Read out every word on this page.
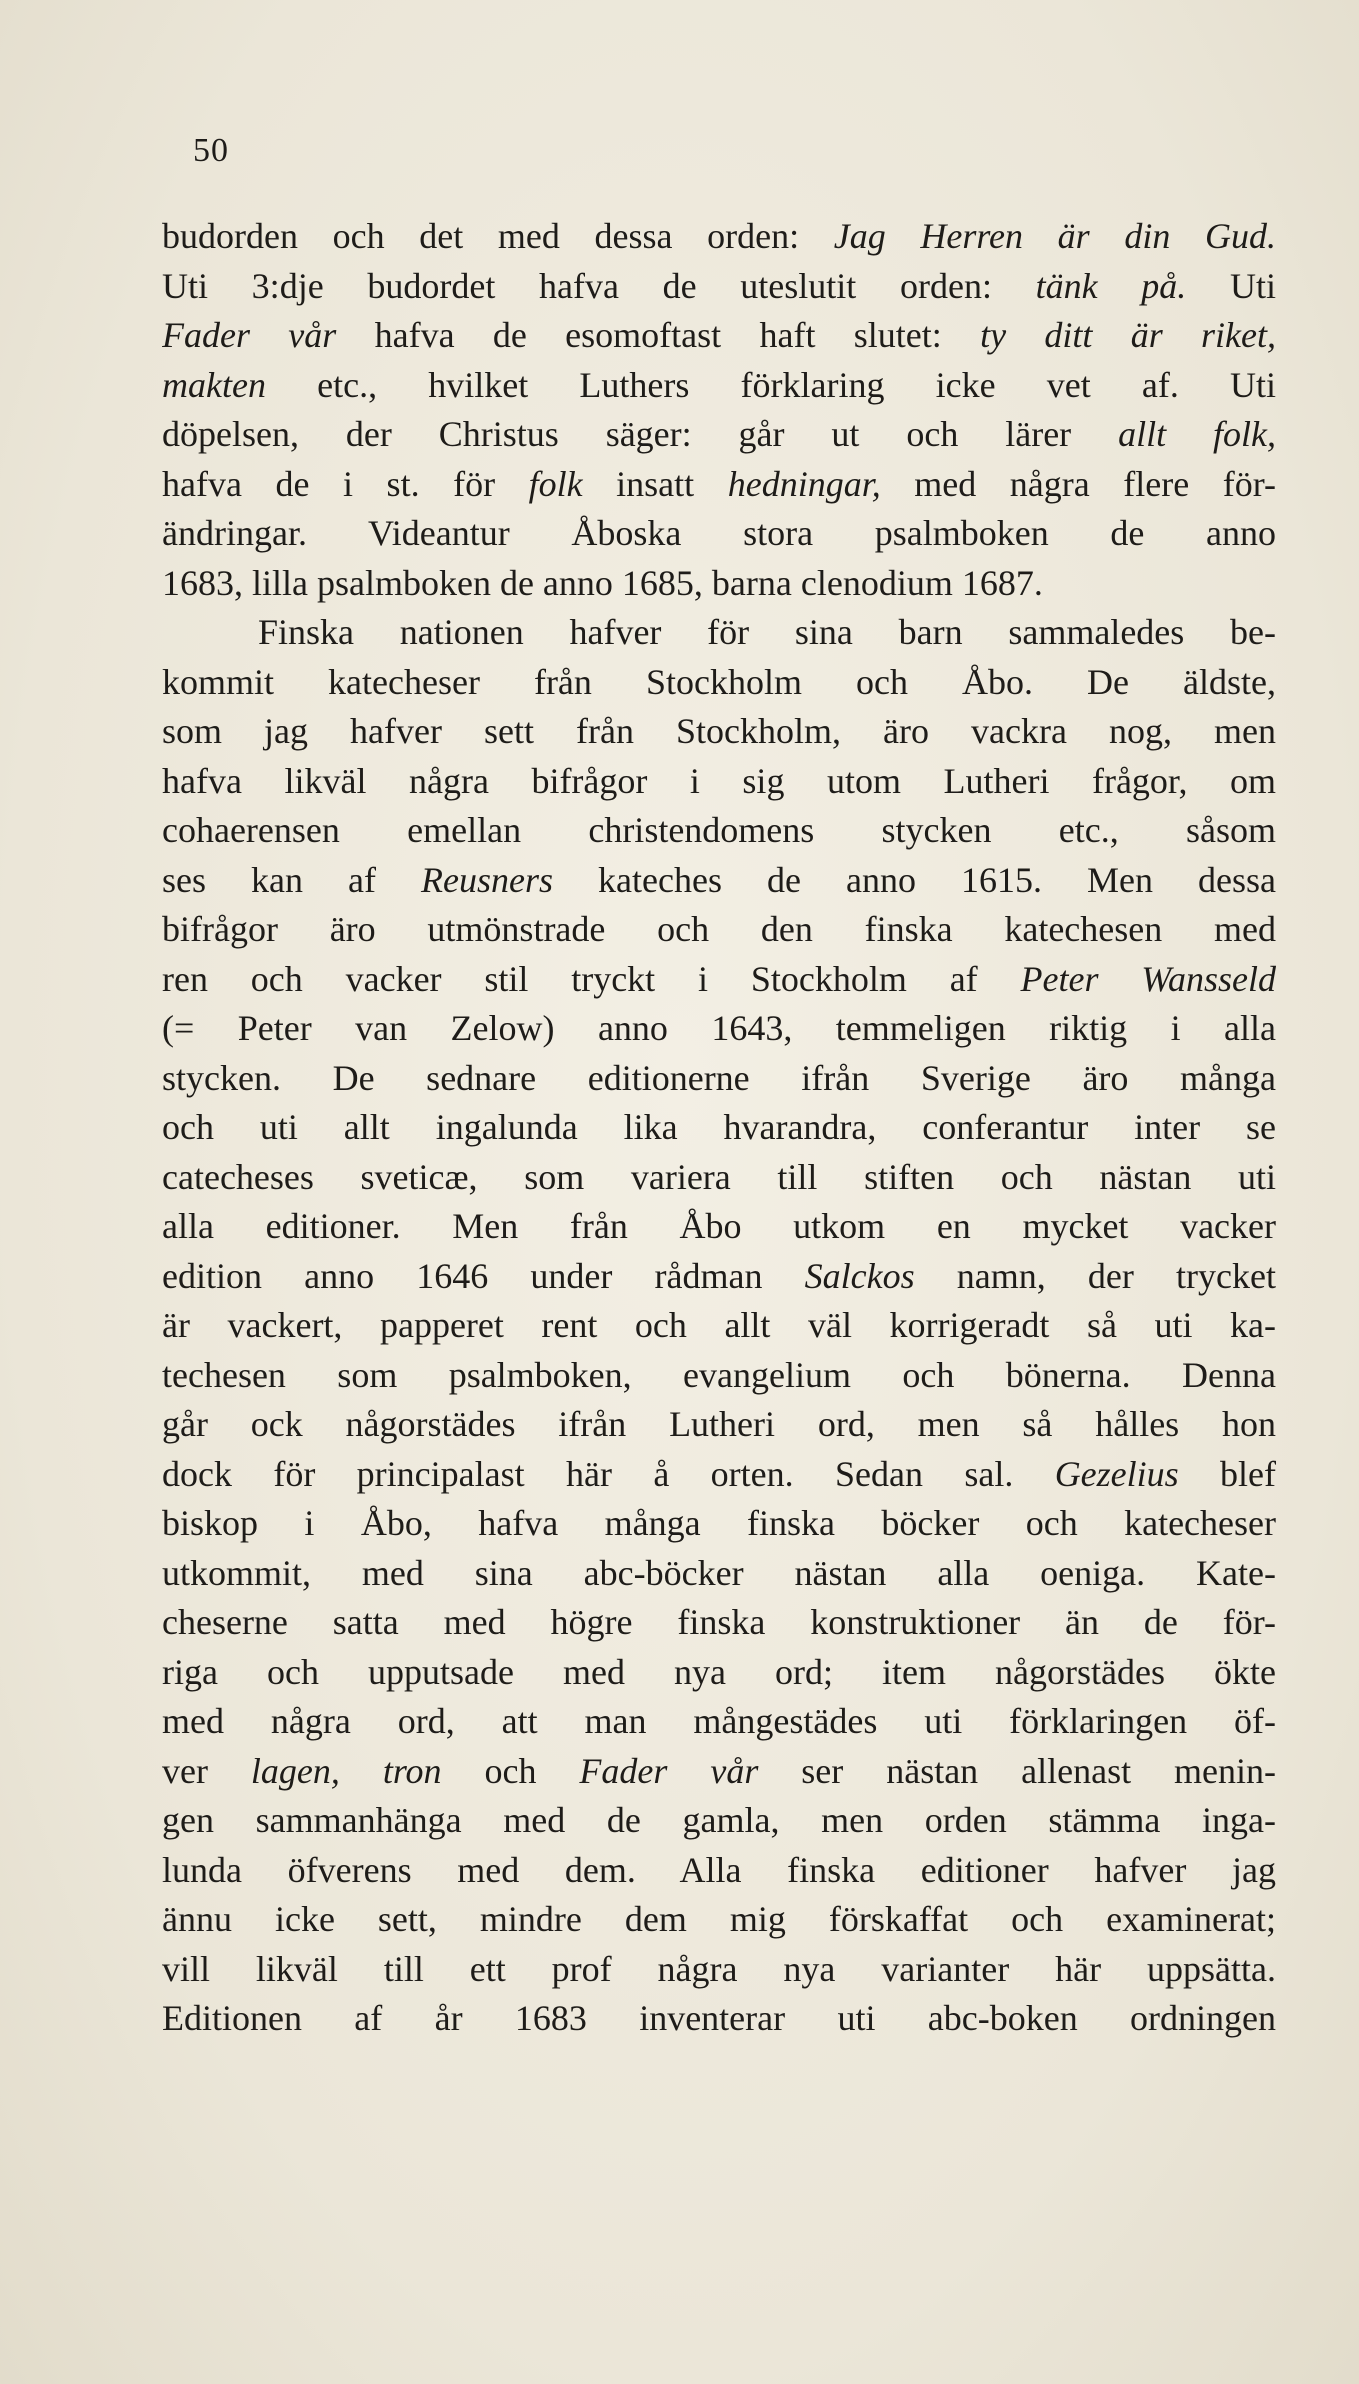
50
budorden och det med dessa orden: Jag Herren är din Gud.
Uti 3:dje budordet hafva de uteslutit orden: tänk på. Uti
Fader vår hafva de esomoftast haft slutet: ty ditt är riket,
makten etc., hvilket Luthers förklaring icke vet af. Uti
döpelsen, der Christus säger: går ut och lärer allt folk,
hafva de i st. för folk insatt hedningar, med några flere för-
ändringar. Videantur Åboska stora psalmboken de anno
1683, lilla psalmboken de anno 1685, barna clenodium 1687.
Finska nationen hafver för sina barn sammaledes be-
kommit katecheser från Stockholm och Åbo. De äldste,
som jag hafver sett från Stockholm, äro vackra nog, men
hafva likväl några bifrågor i sig utom Lutheri frågor, om
cohaerensen emellan christendomens stycken etc., såsom
ses kan af Reusners kateches de anno 1615. Men dessa
bifrågor äro utmönstrade och den finska katechesen med
ren och vacker stil tryckt i Stockholm af Peter Wansseld
(= Peter van Zelow) anno 1643, temmeligen riktig i alla
stycken. De sednare editionerne ifrån Sverige äro många
och uti allt ingalunda lika hvarandra, conferantur inter se
catecheses sveticæ, som variera till stiften och nästan uti
alla editioner. Men från Åbo utkom en mycket vacker
edition anno 1646 under rådman Salckos namn, der trycket
är vackert, papperet rent och allt väl korrigeradt så uti ka-
techesen som psalmboken, evangelium och bönerna. Denna
går ock någorstädes ifrån Lutheri ord, men så hålles hon
dock för principalast här å orten. Sedan sal. Gezelius blef
biskop i Åbo, hafva många finska böcker och katecheser
utkommit, med sina abc-böcker nästan alla oeniga. Kate-
cheserne satta med högre finska konstruktioner än de för-
riga och upputsade med nya ord; item någorstädes ökte
med några ord, att man mångestädes uti förklaringen öf-
ver lagen, tron och Fader vår ser nästan allenast menin-
gen sammanhänga med de gamla, men orden stämma inga-
lunda öfverens med dem. Alla finska editioner hafver jag
ännu icke sett, mindre dem mig förskaffat och examinerat;
vill likväl till ett prof några nya varianter här uppsätta.
Editionen af år 1683 inventerar uti abc-boken ordningen
